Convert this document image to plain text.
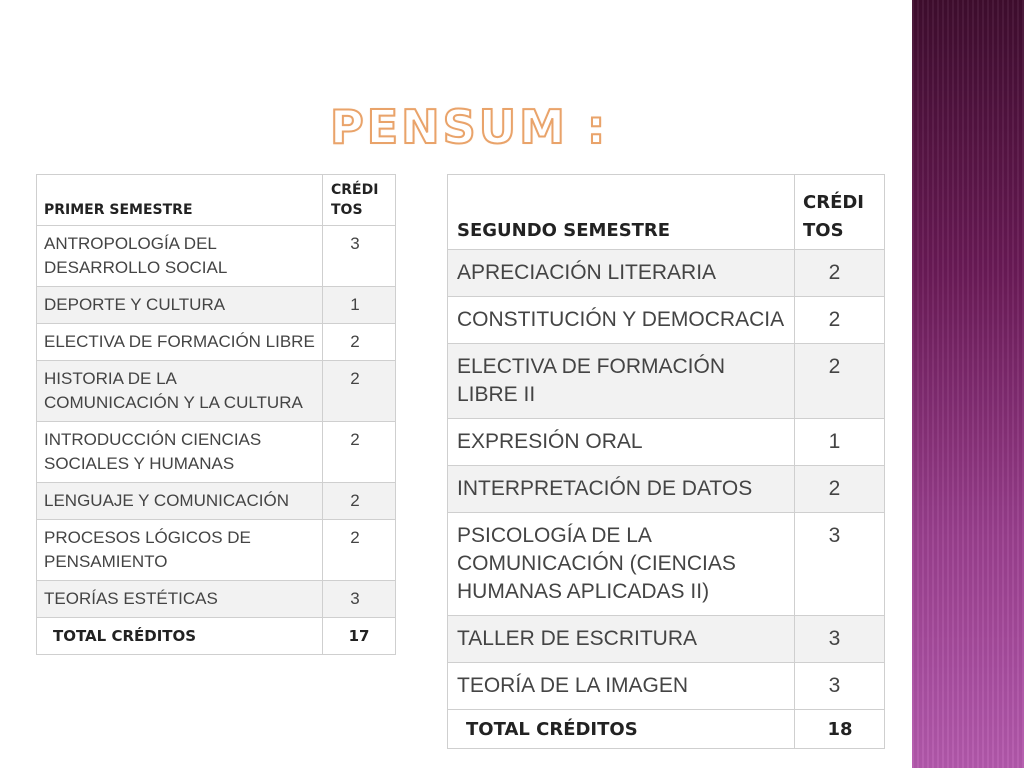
PENSUM :
PRIMER SEMESTRE	CRÉDI TOS
ANTROPOLOGÍA DEL DESARROLLO SOCIAL	3
DEPORTE Y CULTURA	1
ELECTIVA DE FORMACIÓN LIBRE	2
HISTORIA DE LA COMUNICACIÓN Y LA CULTURA	2
INTRODUCCIÓN CIENCIAS SOCIALES Y HUMANAS	2
LENGUAJE Y COMUNICACIÓN	2
PROCESOS LÓGICOS DE PENSAMIENTO	2
TEORÍAS ESTÉTICAS	3
TOTAL CRÉDITOS	17
SEGUNDO SEMESTRE	CRÉDI TOS
APRECIACIÓN LITERARIA	2
CONSTITUCIÓN Y DEMOCRACIA	2
ELECTIVA DE FORMACIÓN LIBRE II	2
EXPRESIÓN ORAL	1
INTERPRETACIÓN DE DATOS	2
PSICOLOGÍA DE LA COMUNICACIÓN (CIENCIAS HUMANAS APLICADAS II)	3
TALLER DE ESCRITURA	3
TEORÍA DE LA IMAGEN	3
TOTAL CRÉDITOS	18
